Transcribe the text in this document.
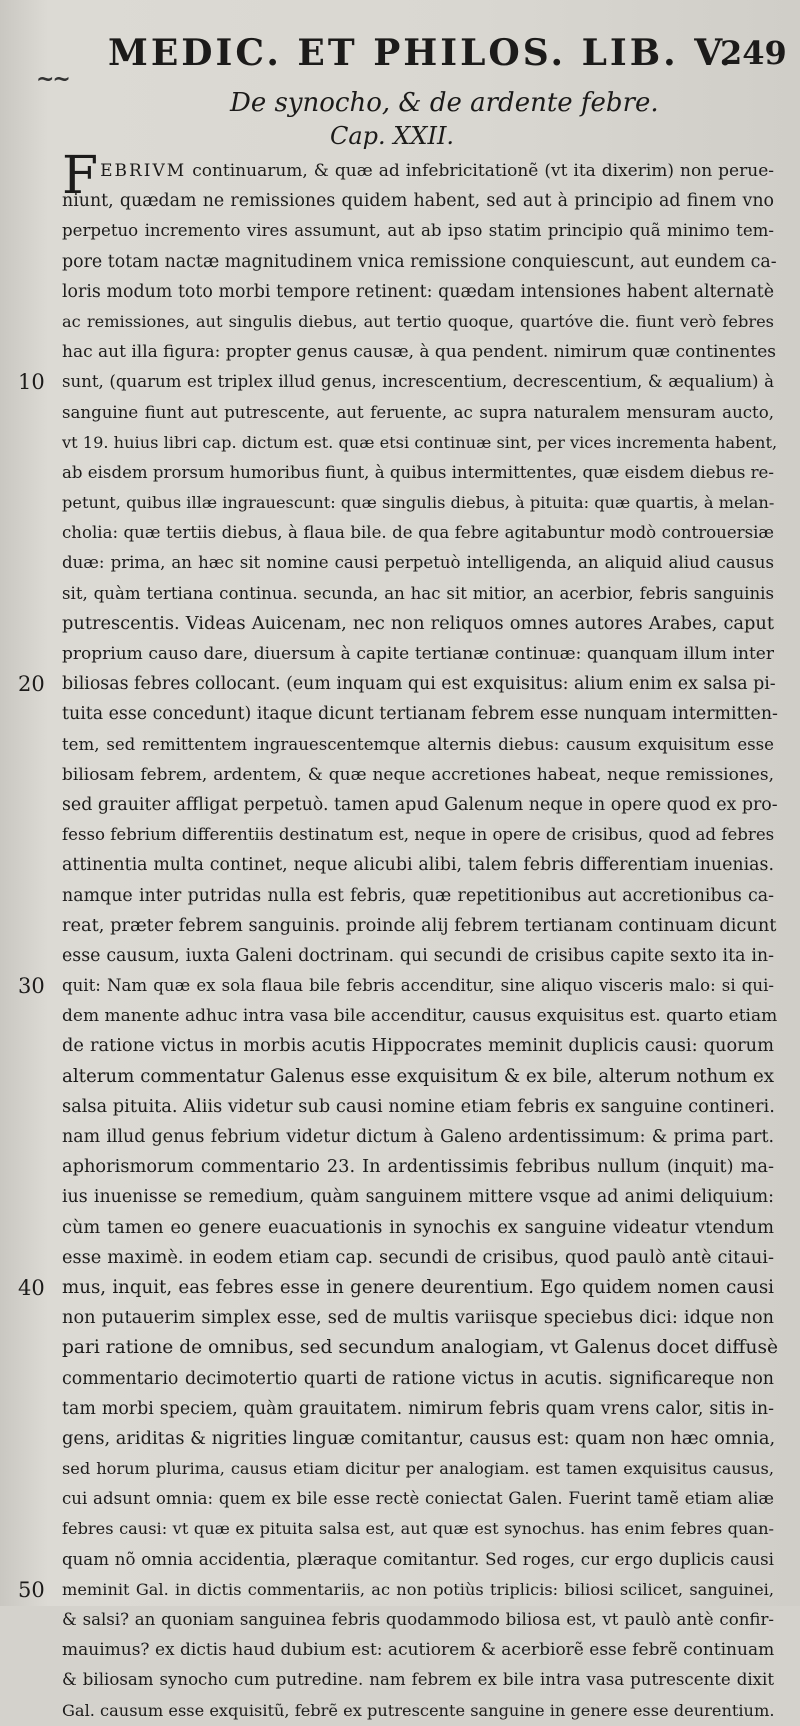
MEDIC. ET PHILOS. LIB. V.
249
~~
De synocho, & de ardente febre.
Cap. XXII.
FEBRIVM continuarum, & quæ ad infebricitationẽ (vt ita dixerim) non perue-
niunt, quædam ne remissiones quidem habent, sed aut à principio ad finem vno
perpetuo incremento vires assumunt, aut ab ipso statim principio quã minimo tem-
pore totam nactæ magnitudinem vnica remissione conquiescunt, aut eundem ca-
loris modum toto morbi tempore retinent: quædam intensiones habent alternatè
ac remissiones, aut singulis diebus, aut tertio quoque, quartóve die. fiunt verò febres
hac aut illa figura: propter genus causæ, à qua pendent. nimirum quæ continentes
sunt, (quarum est triplex illud genus, increscentium, decrescentium, & æqualium) à
10
sanguine fiunt aut putrescente, aut feruente, ac supra naturalem mensuram aucto,
vt 19. huius libri cap. dictum est. quæ etsi continuæ sint, per vices incrementa habent,
ab eisdem prorsum humoribus fiunt, à quibus intermittentes, quæ eisdem diebus re-
petunt, quibus illæ ingrauescunt: quæ singulis diebus, à pituita: quæ quartis, à melan-
cholia: quæ tertiis diebus, à flaua bile. de qua febre agitabuntur modò controuersiæ
duæ: prima, an hæc sit nomine causi perpetuò intelligenda, an aliquid aliud causus
sit, quàm tertiana continua. secunda, an hac sit mitior, an acerbior, febris sanguinis
putrescentis. Videas Auicenam, nec non reliquos omnes autores Arabes, caput
proprium causo dare, diuersum à capite tertianæ continuæ: quanquam illum inter
biliosas febres collocant. (eum inquam qui est exquisitus: alium enim ex salsa pi-
20
tuita esse concedunt) itaque dicunt tertianam febrem esse nunquam intermitten-
tem, sed remittentem ingrauescentemque alternis diebus: causum exquisitum esse
biliosam febrem, ardentem, & quæ neque accretiones habeat, neque remissiones,
sed grauiter affligat perpetuò. tamen apud Galenum neque in opere quod ex pro-
fesso febrium differentiis destinatum est, neque in opere de crisibus, quod ad febres
attinentia multa continet, neque alicubi alibi, talem febris differentiam inuenias.
namque inter putridas nulla est febris, quæ repetitionibus aut accretionibus ca-
reat, præter febrem sanguinis. proinde alij febrem tertianam continuam dicunt
esse causum, iuxta Galeni doctrinam. qui secundi de crisibus capite sexto ita in-
quit: Nam quæ ex sola flaua bile febris accenditur, sine aliquo visceris malo: si qui-
30
dem manente adhuc intra vasa bile accenditur, causus exquisitus est. quarto etiam
de ratione victus in morbis acutis Hippocrates meminit duplicis causi: quorum
alterum commentatur Galenus esse exquisitum & ex bile, alterum nothum ex
salsa pituita. Aliis videtur sub causi nomine etiam febris ex sanguine contineri.
nam illud genus febrium videtur dictum à Galeno ardentissimum: & prima part.
aphorismorum commentario 23. In ardentissimis febribus nullum (inquit) ma-
ius inuenisse se remedium, quàm sanguinem mittere vsque ad animi deliquium:
cùm tamen eo genere euacuationis in synochis ex sanguine videatur vtendum
esse maximè. in eodem etiam cap. secundi de crisibus, quod paulò antè citaui-
mus, inquit, eas febres esse in genere deurentium. Ego quidem nomen causi
40
non putauerim simplex esse, sed de multis variisque speciebus dici: idque non
pari ratione de omnibus, sed secundum analogiam, vt Galenus docet diffusè
commentario decimotertio quarti de ratione victus in acutis. significareque non
tam morbi speciem, quàm grauitatem. nimirum febris quam vrens calor, sitis in-
gens, ariditas & nigrities linguæ comitantur, causus est: quam non hæc omnia,
sed horum plurima, causus etiam dicitur per analogiam. est tamen exquisitus causus,
cui adsunt omnia: quem ex bile esse rectè coniectat Galen. Fuerint tamẽ etiam aliæ
febres causi: vt quæ ex pituita salsa est, aut quæ est synochus. has enim febres quan-
quam nõ omnia accidentia, plæraque comitantur. Sed roges, cur ergo duplicis causi
meminit Gal. in dictis commentariis, ac non potiùs triplicis: biliosi scilicet, sanguinei,
50
& salsi? an quoniam sanguinea febris quodammodo biliosa est, vt paulò antè confir-
mauimus? ex dictis haud dubium est: acutiorem & acerbiorẽ esse febrẽ continuam
& biliosam synocho cum putredine. nam febrem ex bile intra vasa putrescente dixit
Gal. causum esse exquisitũ, febrẽ ex putrescente sanguine in genere esse deurentium.
